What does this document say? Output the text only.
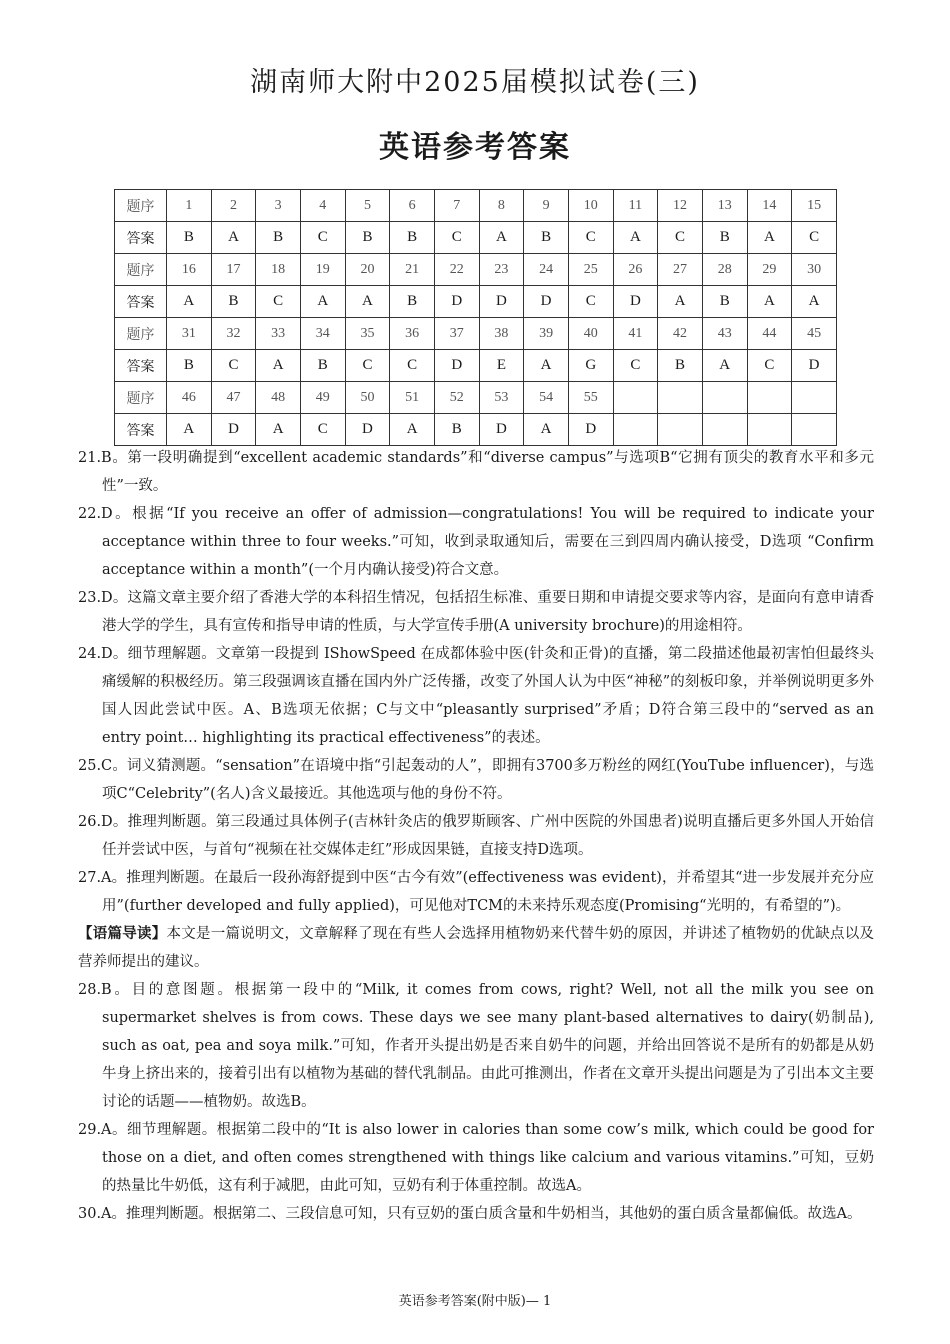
湖南师大附中2025届模拟试卷(三)
英语参考答案
题序	1	2	3	4	5	6	7	8	9	10	11	12	13	14	15
答案	B	A	B	C	B	B	C	A	B	C	A	C	B	A	C
题序	16	17	18	19	20	21	22	23	24	25	26	27	28	29	30
答案	A	B	C	A	A	B	D	D	D	C	D	A	B	A	A
题序	31	32	33	34	35	36	37	38	39	40	41	42	43	44	45
答案	B	C	A	B	C	C	D	E	A	G	C	B	A	C	D
题序	46	47	48	49	50	51	52	53	54	55					
答案	A	D	A	C	D	A	B	D	A	D					

21.B。第一段明确提到“excellent academic standards”和“diverse campus”与选项B“它拥有顶尖的教育水平和多元性”一致。

22.D。根据“If you receive an offer of admission—congratulations! You will be required to indicate your acceptance within three to four weeks.”可知，收到录取通知后，需要在三到四周内确认接受，D选项 “Confirm acceptance within a month”(一个月内确认接受)符合文意。

23.D。这篇文章主要介绍了香港大学的本科招生情况，包括招生标准、重要日期和申请提交要求等内容，是面向有意申请香港大学的学生，具有宣传和指导申请的性质，与大学宣传手册(A university brochure)的用途相符。

24.D。细节理解题。文章第一段提到 IShowSpeed 在成都体验中医(针灸和正骨)的直播，第二段描述他最初害怕但最终头痛缓解的积极经历。第三段强调该直播在国内外广泛传播，改变了外国人认为中医“神秘”的刻板印象，并举例说明更多外国人因此尝试中医。A、B选项无依据；C与文中“pleasantly surprised”矛盾；D符合第三段中的“served as an entry point… highlighting its practical effectiveness”的表述。

25.C。词义猜测题。“sensation”在语境中指“引起轰动的人”，即拥有3700多万粉丝的网红(YouTube influencer)，与选项C“Celebrity”(名人)含义最接近。其他选项与他的身份不符。

26.D。推理判断题。第三段通过具体例子(吉林针灸店的俄罗斯顾客、广州中医院的外国患者)说明直播后更多外国人开始信任并尝试中医，与首句“视频在社交媒体走红”形成因果链，直接支持D选项。

27.A。推理判断题。在最后一段孙海舒提到中医“古今有效”(effectiveness was evident)，并希望其“进一步发展并充分应用”(further developed and fully applied)，可见他对TCM的未来持乐观态度(Promising“光明的，有希望的”)。

【语篇导读】本文是一篇说明文，文章解释了现在有些人会选择用植物奶来代替牛奶的原因，并讲述了植物奶的优缺点以及营养师提出的建议。

28.B。目的意图题。根据第一段中的“Milk, it comes from cows, right? Well, not all the milk you see on supermarket shelves is from cows. These days we see many plant-based alternatives to dairy(奶制品), such as oat, pea and soya milk.”可知，作者开头提出奶是否来自奶牛的问题，并给出回答说不是所有的奶都是从奶牛身上挤出来的，接着引出有以植物为基础的替代乳制品。由此可推测出，作者在文章开头提出问题是为了引出本文主要讨论的话题——植物奶。故选B。

29.A。细节理解题。根据第二段中的“It is also lower in calories than some cow’s milk, which could be good for those on a diet, and often comes strengthened with things like calcium and various vitamins.”可知，豆奶的热量比牛奶低，这有利于减肥，由此可知，豆奶有利于体重控制。故选A。

30.A。推理判断题。根据第二、三段信息可知，只有豆奶的蛋白质含量和牛奶相当，其他奶的蛋白质含量都偏低。故选A。

英语参考答案(附中版)— 1
